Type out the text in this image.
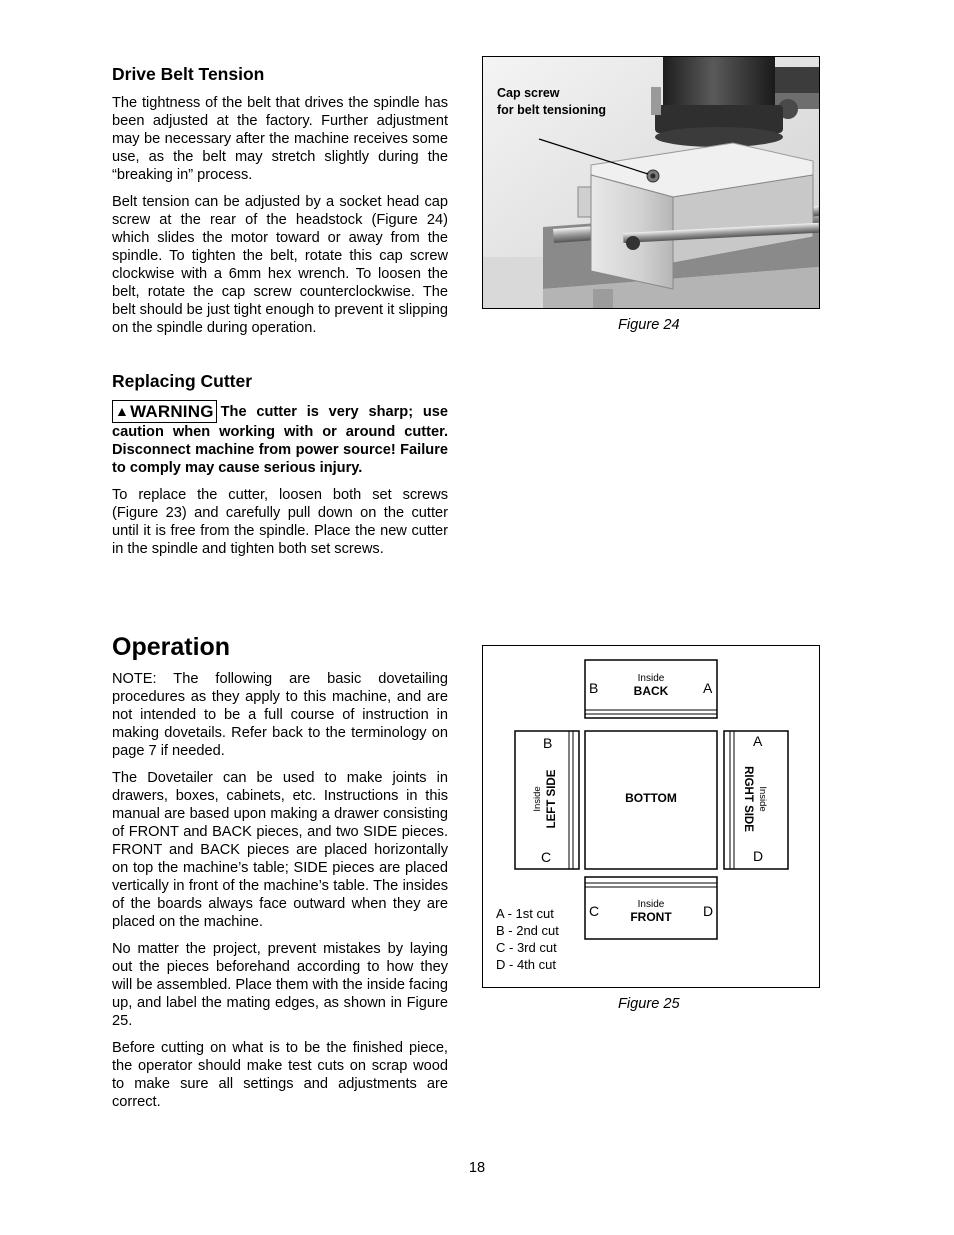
Drive Belt Tension

The tightness of the belt that drives the spindle has been adjusted at the factory. Further adjustment may be necessary after the machine receives some use, as the belt may stretch slightly during the “breaking in” process.

Belt tension can be adjusted by a socket head cap screw at the rear of the headstock (Figure 24) which slides the motor toward or away from the spindle. To tighten the belt, rotate this cap screw clockwise with a 6mm hex wrench. To loosen the belt, rotate the cap screw counterclockwise. The belt should be just tight enough to prevent it slipping on the spindle during operation.

Replacing Cutter

▲WARNING The cutter is very sharp; use caution when working with or around cutter. Disconnect machine from power source! Failure to comply may cause serious injury.

To replace the cutter, loosen both set screws (Figure 23) and carefully pull down on the cutter until it is free from the spindle. Place the new cutter in the spindle and tighten both set screws.

Operation

NOTE: The following are basic dovetailing procedures as they apply to this machine, and are not intended to be a full course of instruction in making dovetails. Refer back to the terminology on page 7 if needed.

The Dovetailer can be used to make joints in drawers, boxes, cabinets, etc. Instructions in this manual are based upon making a drawer consisting of FRONT and BACK pieces, and two SIDE pieces. FRONT and BACK pieces are placed horizontally on top the machine’s table; SIDE pieces are placed vertically in front of the machine’s table. The insides of the boards always face outward when they are placed on the machine.

No matter the project, prevent mistakes by laying out the pieces beforehand according to how they will be assembled. Place them with the inside facing up, and label the mating edges, as shown in Figure 25.

Before cutting on what is to be the finished piece, the operator should make test cuts on scrap wood to make sure all settings and adjustments are correct.

Cap screw
for belt tensioning
Figure 24
Inside
BACK
B	A
B
C
Inside LEFT SIDE	BOTTOM
A
D
RIGHT SIDE Inside
Inside
FRONT
C	D
A - 1st cut
B - 2nd cut
C - 3rd cut
D - 4th cut
Figure 25
18
